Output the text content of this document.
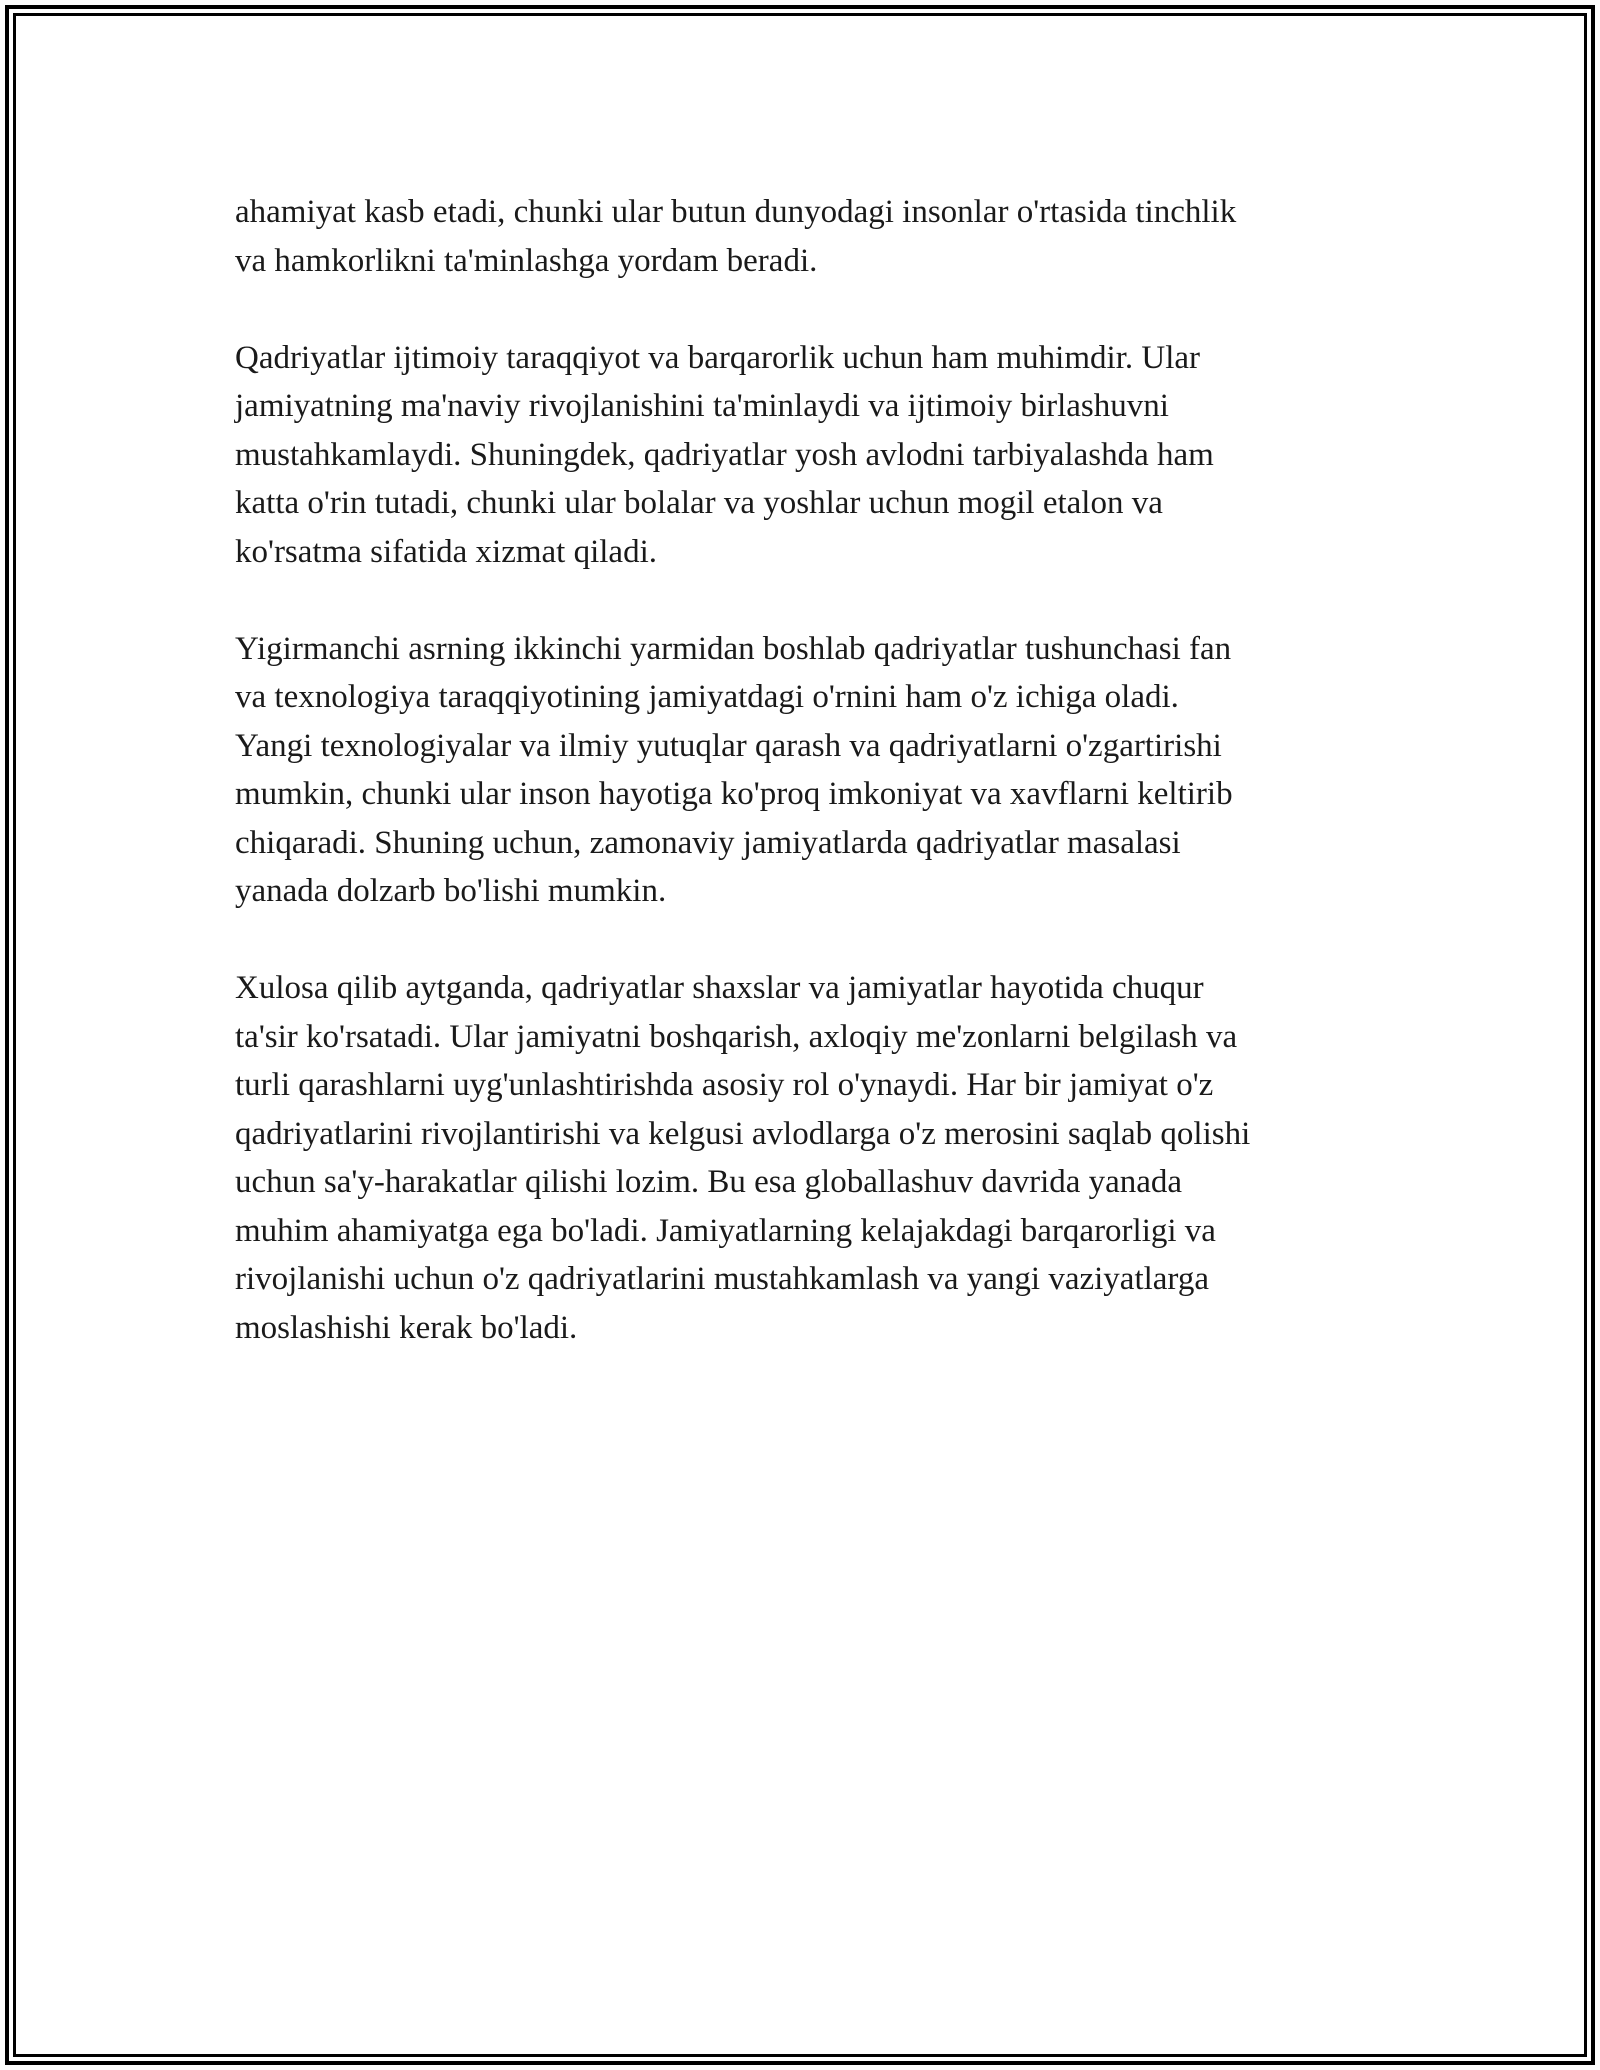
ahamiyat kasb etadi, chunki ular butun dunyodagi insonlar o'rtasida tinchlik
va hamkorlikni ta'minlashga yordam beradi.

Qadriyatlar ijtimoiy taraqqiyot va barqarorlik uchun ham muhimdir. Ular
jamiyatning ma'naviy rivojlanishini ta'minlaydi va ijtimoiy birlashuvni
mustahkamlaydi. Shuningdek, qadriyatlar yosh avlodni tarbiyalashda ham
katta o'rin tutadi, chunki ular bolalar va yoshlar uchun mogil etalon va
ko'rsatma sifatida xizmat qiladi.

Yigirmanchi asrning ikkinchi yarmidan boshlab qadriyatlar tushunchasi fan
va texnologiya taraqqiyotining jamiyatdagi o'rnini ham o'z ichiga oladi.
Yangi texnologiyalar va ilmiy yutuqlar qarash va qadriyatlarni o'zgartirishi
mumkin, chunki ular inson hayotiga ko'proq imkoniyat va xavflarni keltirib
chiqaradi. Shuning uchun, zamonaviy jamiyatlarda qadriyatlar masalasi
yanada dolzarb bo'lishi mumkin.

Xulosa qilib aytganda, qadriyatlar shaxslar va jamiyatlar hayotida chuqur
ta'sir ko'rsatadi. Ular jamiyatni boshqarish, axloqiy me'zonlarni belgilash va
turli qarashlarni uyg'unlashtirishda asosiy rol o'ynaydi. Har bir jamiyat o'z
qadriyatlarini rivojlantirishi va kelgusi avlodlarga o'z merosini saqlab qolishi
uchun sa'y-harakatlar qilishi lozim. Bu esa globallashuv davrida yanada
muhim ahamiyatga ega bo'ladi. Jamiyatlarning kelajakdagi barqarorligi va
rivojlanishi uchun o'z qadriyatlarini mustahkamlash va yangi vaziyatlarga
moslashishi kerak bo'ladi.
